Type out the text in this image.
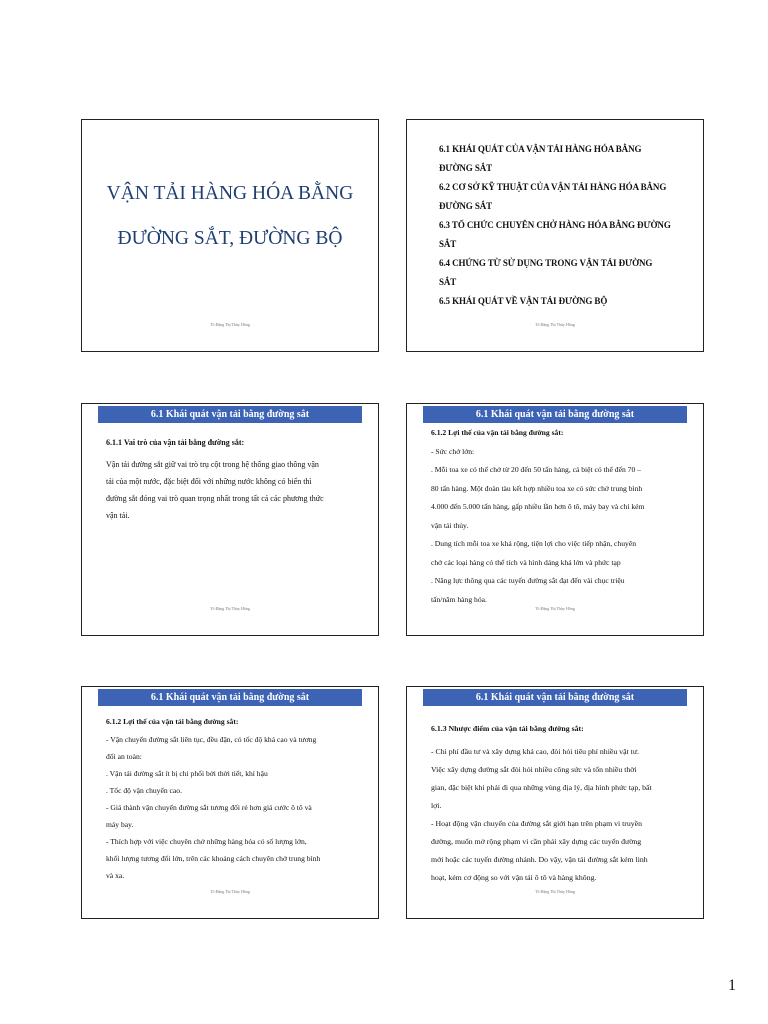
VẬN TẢI HÀNG HÓA BẰNG
ĐƯỜNG SẮT, ĐƯỜNG BỘ
Tô Đặng Thị Thùy Hồng
6.1 KHÁI QUÁT CỦA VẬN TẢI HÀNG HÓA BẰNG
ĐƯỜNG SẮT
6.2 CƠ SỞ KỸ THUẬT CỦA VẬN TẢI HÀNG HÓA BẰNG
ĐƯỜNG SẮT
6.3 TỔ CHỨC CHUYÊN CHỞ HÀNG HÓA BẰNG ĐƯỜNG
SẮT
6.4 CHỨNG TỪ SỬ DỤNG TRONG VẬN TẢI ĐƯỜNG
SẮT
6.5 KHÁI QUÁT VỀ VẬN TẢI ĐƯỜNG BỘ
Tô Đặng Thị Thùy Hồng
6.1 Khái quát vận tải bằng đường sắt

6.1.1 Vai trò của vận tải bằng đường sắt:

Vận tải đường sắt giữ vai trò trụ cột trong hệ thống giao thông vận

tải của một nước, đặc biệt đối với những nước không có biển thì

đường sắt đóng vai trò quan trọng nhất trong tất cả các phương thức

vận tải.

Tô Đặng Thị Thùy Hồng
6.1 Khái quát vận tải bằng đường sắt

6.1.2 Lợi thế của vận tải bằng đường sắt:

- Sức chở lớn:

. Mỗi toa xe có thể chở từ 20 đến 50 tấn hàng, cá biệt có thể đến 70 –

80 tấn hàng. Một đoàn tàu kết hợp nhiều toa xe có sức chở trung bình

4.000 đến 5.000 tấn hàng, gấp nhiều lần hơn ô tô, máy bay và chỉ kém

vận tải thủy.

. Dung tích mỗi toa xe khá rộng, tiện lợi cho việc tiếp nhận, chuyên

chở các loại hàng có thể tích và hình dáng khá lớn và phức tạp

. Năng lực thông qua các tuyến đường sắt đạt đến vài chục triệu

tấn/năm hàng hóa.

Tô Đặng Thị Thùy Hồng
6.1 Khái quát vận tải bằng đường sắt

6.1.2 Lợi thế của vận tải bằng đường sắt:

- Vận chuyển đường sắt liên tục, đều đặn, có tốc độ khá cao và tương

đối an toàn:

. Vận tải đường sắt ít bị chi phối bởi thời tiết, khí hậu

. Tốc độ vận chuyển cao.

- Giá thành vận chuyển đường sắt tương đối rẻ hơn giá cước ô tô và

máy bay.

- Thích hợp với việc chuyên chở những hàng hóa có số lượng lớn,

khối lượng tương đối lớn, trên các khoảng cách chuyên chở trung bình

và xa.

Tô Đặng Thị Thùy Hồng
6.1 Khái quát vận tải bằng đường sắt

6.1.3 Nhược điểm của vận tải bằng đường sắt:

- Chi phí đầu tư và xây dựng khá cao, đòi hỏi tiêu phí nhiều vật tư.

Việc xây dựng đường sắt đòi hỏi nhiều công sức và tốn nhiều thời

gian, đặc biệt khi phải đi qua những vùng địa lý, địa hình phức tạp, bất

lợi.

- Hoạt động vận chuyển của đường sắt giới hạn trên phạm vi truyền

đường, muốn mở rộng phạm vi cần phải xây dựng các tuyến đường

mới hoặc các tuyến đường nhánh. Do vậy, vận tải đường sắt kém linh

hoạt, kém cơ động so với vận tải ô tô và hàng không.

Tô Đặng Thị Thùy Hồng
1
